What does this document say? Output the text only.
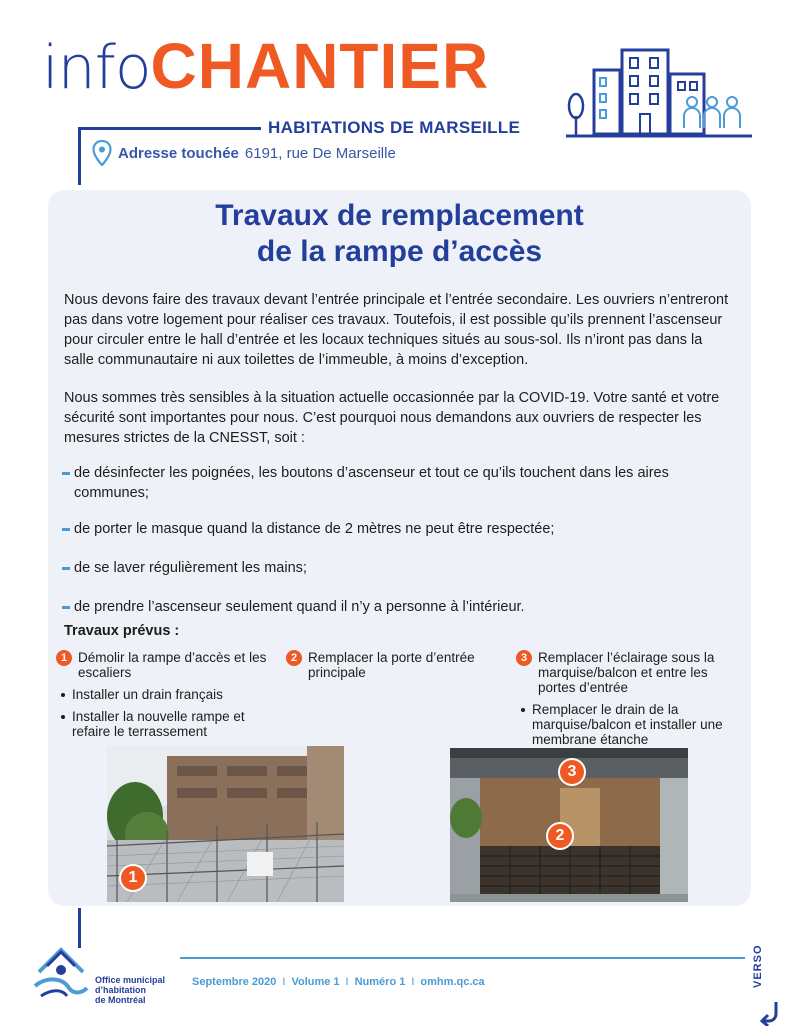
infoCHANTIER
HABITATIONS DE MARSEILLE
Adresse touchée 6191, rue De Marseille
Travaux de remplacement
de la rampe d’accès

Nous devons faire des travaux devant l’entrée principale et l’entrée secondaire. Les ouvriers n’entreront pas dans votre logement pour réaliser ces travaux. Toutefois, il est possible qu’ils prennent l’ascenseur pour circuler entre le hall d’entrée et les locaux techniques situés au sous-sol. Ils n’iront pas dans la salle communautaire ni aux toilettes de l’immeuble, à moins d’exception.

Nous sommes très sensibles à la situation actuelle occasionnée par la COVID-19. Votre santé et votre sécurité sont importantes pour nous. C’est pourquoi nous demandons aux ouvriers de respecter les mesures strictes de la CNESST, soit :

de désinfecter les poignées, les boutons d’ascenseur et tout ce qu’ils touchent dans les aires communes;
de porter le masque quand la distance de 2 mètres ne peut être respectée;
de se laver régulièrement les mains;
de prendre l’ascenseur seulement quand il n’y a personne à l’intérieur.
Travaux prévus :
1 Démolir la rampe d’accès et les escaliers
Installer un drain français
Installer la nouvelle rampe et refaire le terrassement
2 Remplacer la porte d’entrée principale
3 Remplacer l’éclairage sous la marquise/balcon et entre les portes d’entrée
Remplacer le drain de la marquise/balcon et installer une membrane étanche
1
3
2
Office municipal
d’habitation
de Montréal
Septembre 2020 I Volume 1 I Numéro 1 I omhm.qc.ca	VERSO
